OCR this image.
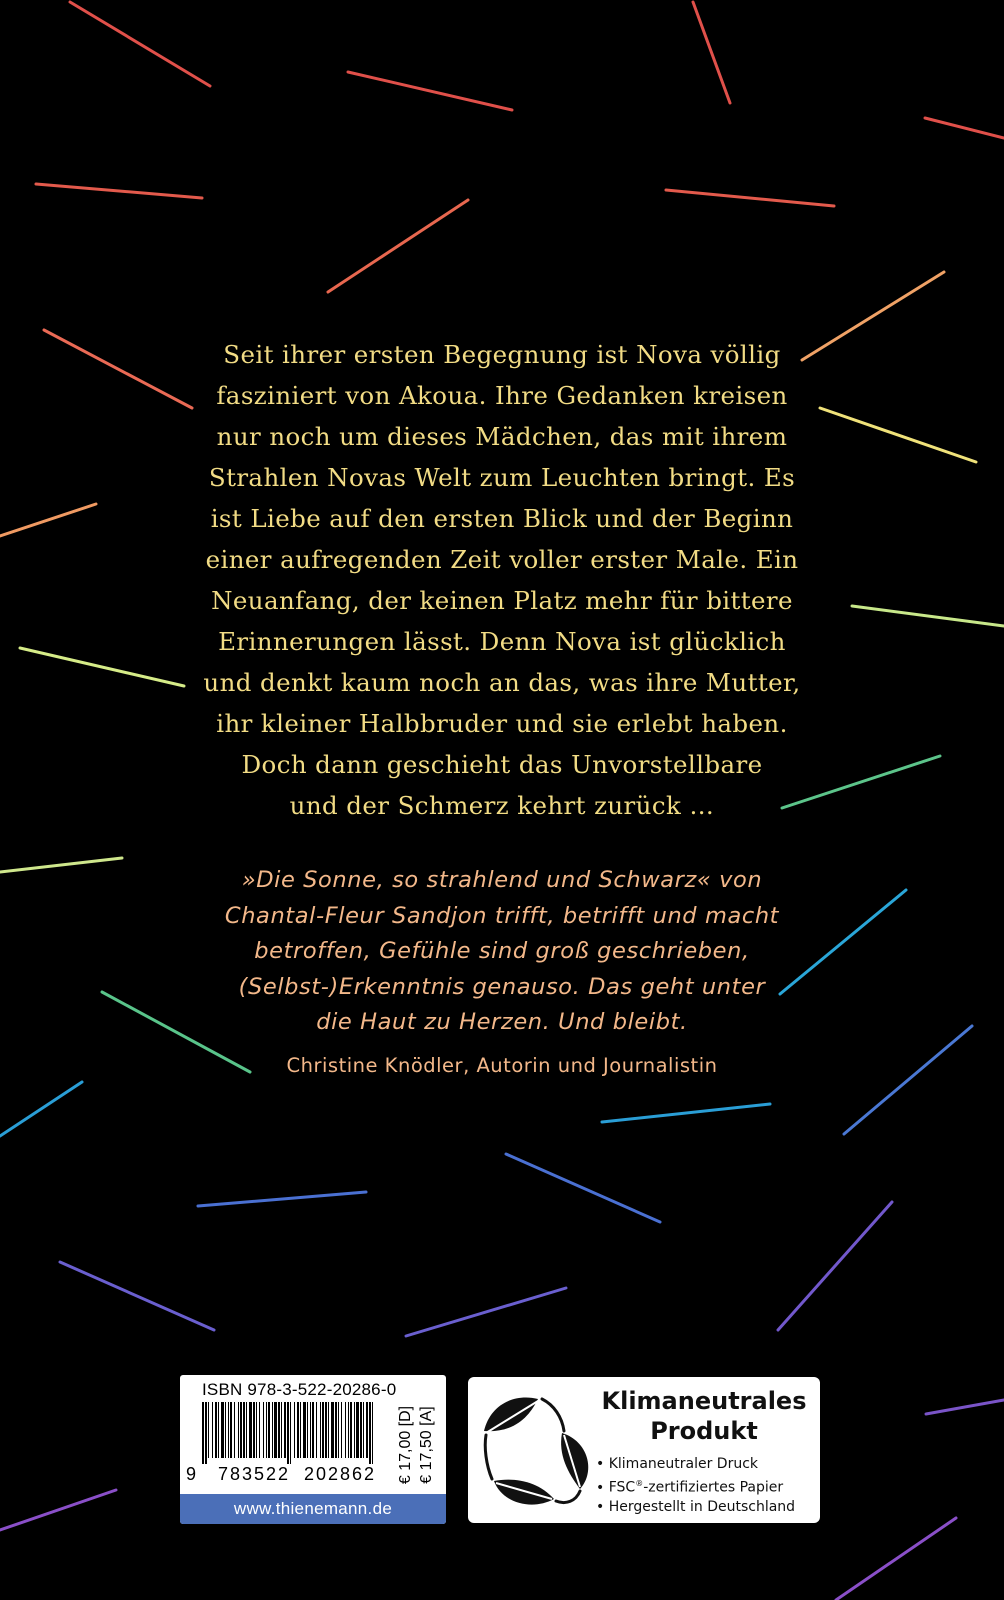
Seit ihrer ersten Begegnung ist Nova völlig
fasziniert von Akoua. Ihre Gedanken kreisen
nur noch um dieses Mädchen, das mit ihrem
Strahlen Novas Welt zum Leuchten bringt. Es
ist Liebe auf den ersten Blick und der Beginn
einer aufregenden Zeit voller erster Male. Ein
Neuanfang, der keinen Platz mehr für bittere
Erinnerungen lässt. Denn Nova ist glücklich
und denkt kaum noch an das, was ihre Mutter,
ihr kleiner Halbbruder und sie erlebt haben.
Doch dann geschieht das Unvorstellbare
und der Schmerz kehrt zurück …
»Die Sonne, so strahlend und Schwarz« von
Chantal-Fleur Sandjon trifft, betrifft und macht
betroffen, Gefühle sind groß geschrieben,
(Selbst-)Erkenntnis genauso. Das geht unter
die Haut zu Herzen. Und bleibt.
Christine Knödler, Autorin und Journalistin
ISBN 978-3-522-20286-0
9 783522 202862 € 17,00 [D] € 17,50 [A]
www.thienemann.de
Klimaneutrales
Produkt
• Klimaneutraler Druck
• FSC®-zertifiziertes Papier
• Hergestellt in Deutschland
